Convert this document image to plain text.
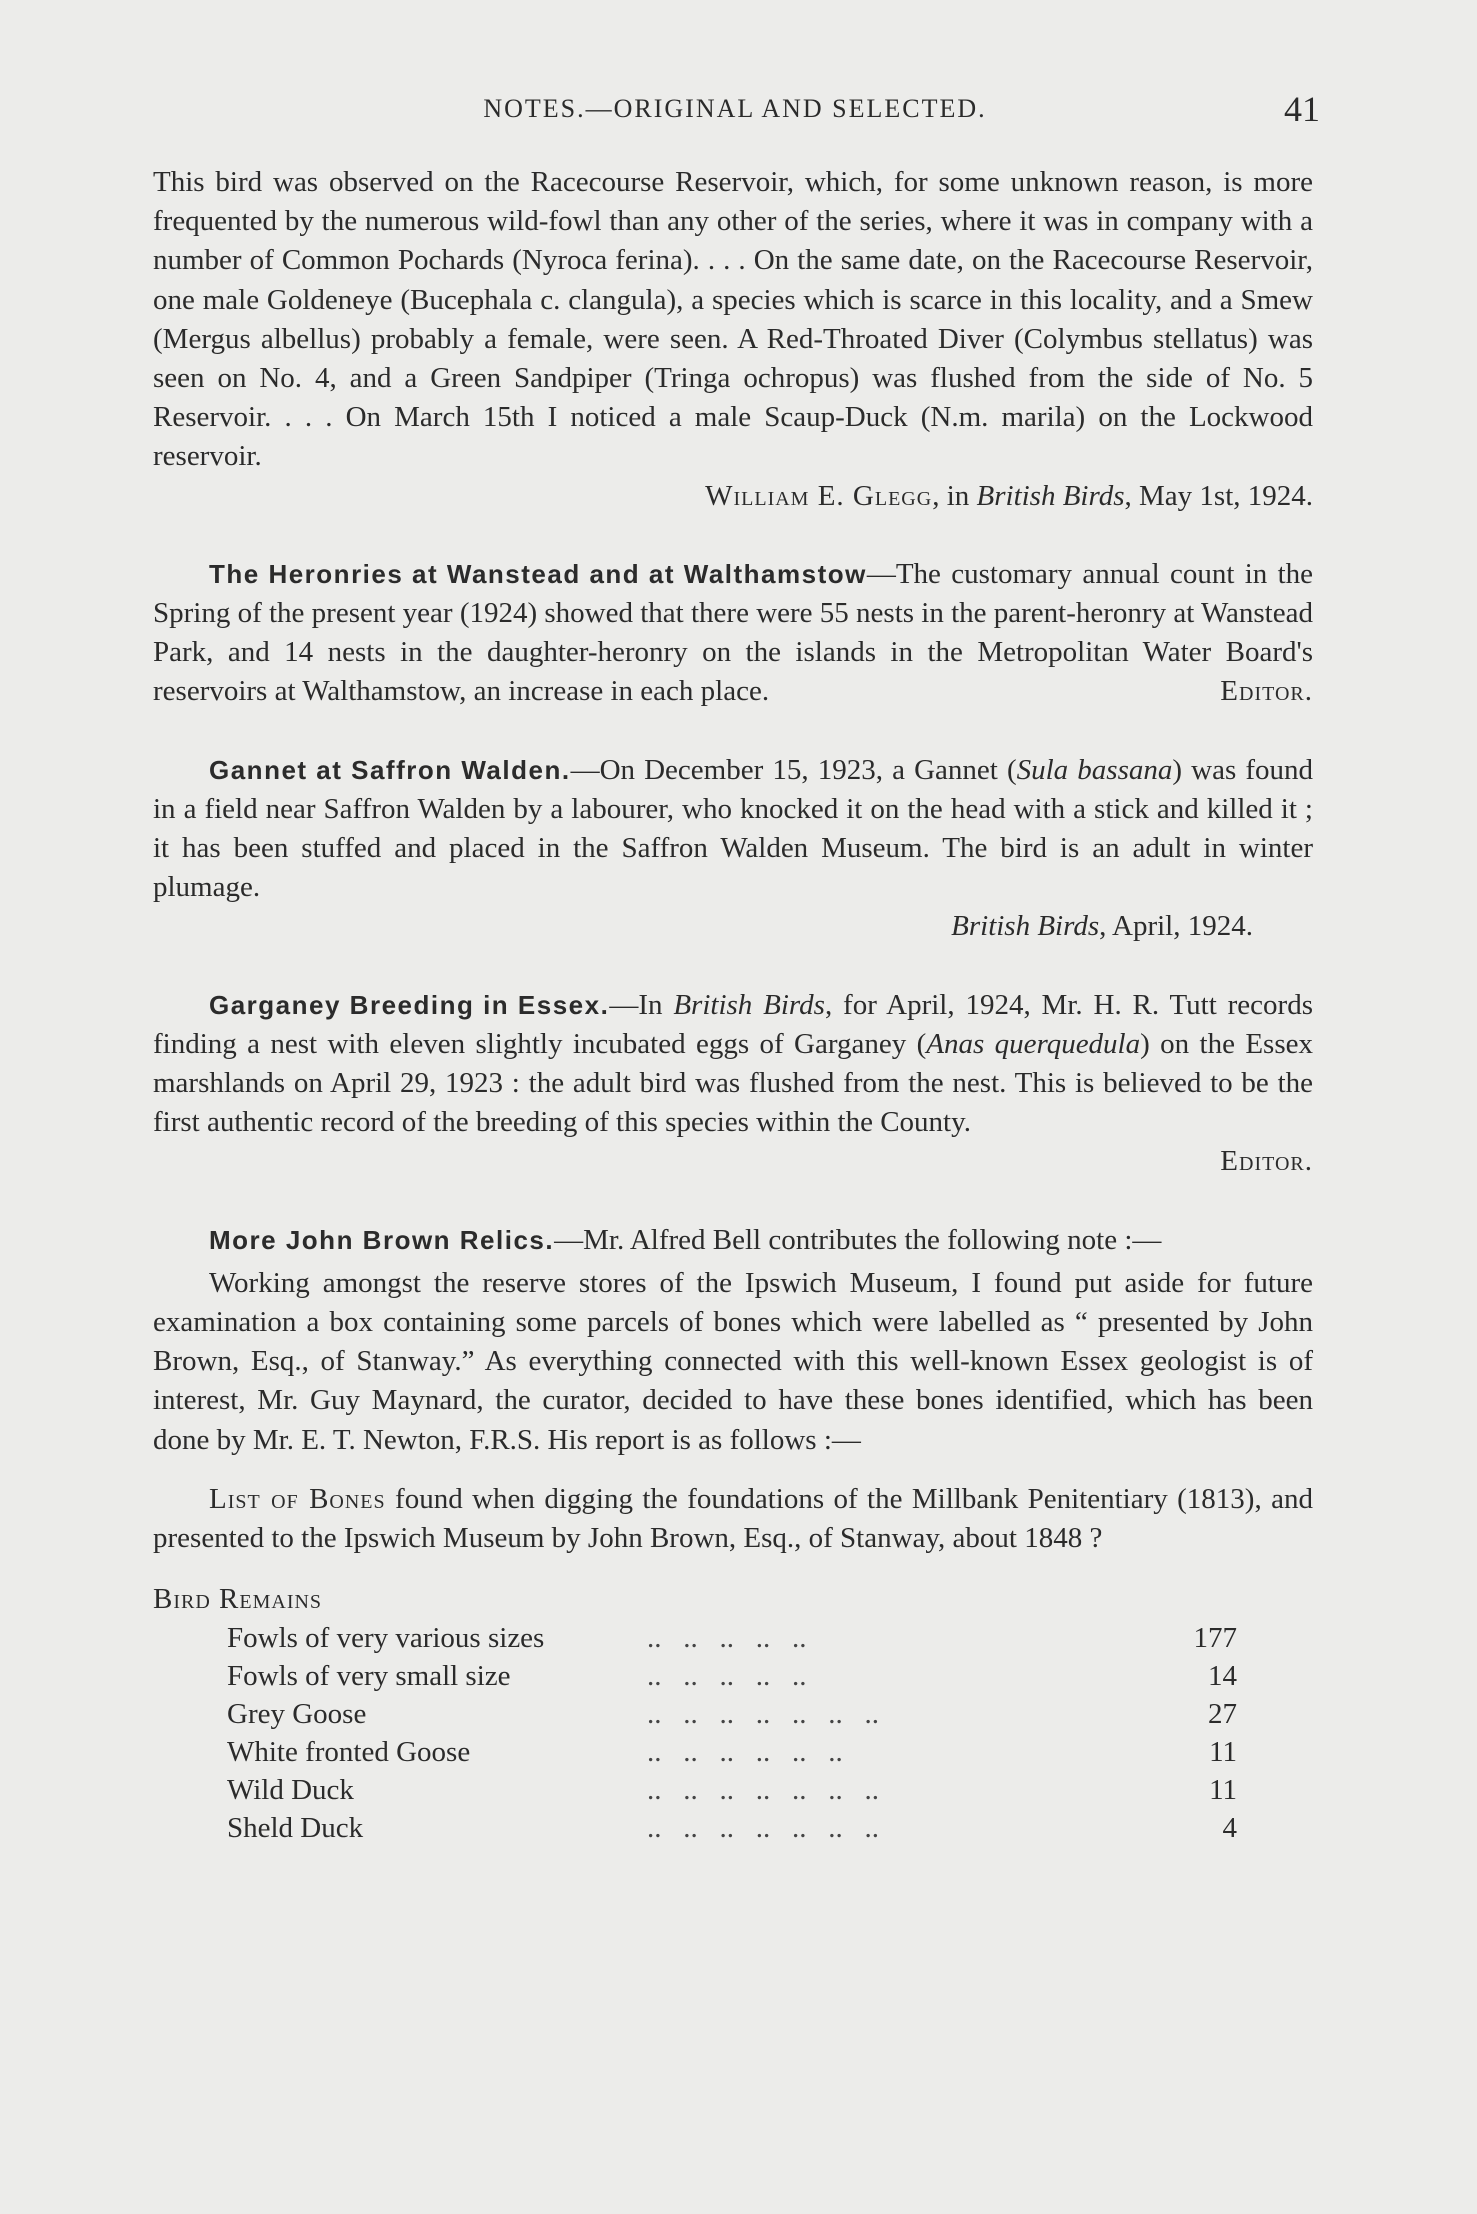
NOTES.—ORIGINAL AND SELECTED.	41

This bird was observed on the Racecourse Reservoir, which, for some unknown reason, is more frequented by the numerous wild-fowl than any other of the series, where it was in company with a number of Common Pochards (Nyroca ferina). . . . On the same date, on the Racecourse Reservoir, one male Goldeneye (Bucephala c. clangula), a species which is scarce in this locality, and a Smew (Mergus albellus) probably a female, were seen. A Red-Throated Diver (Colymbus stellatus) was seen on No. 4, and a Green Sandpiper (Tringa ochropus) was flushed from the side of No. 5 Reservoir. . . . On March 15th I noticed a male Scaup-Duck (N.m. marila) on the Lockwood reservoir.

William E. Glegg, in British Birds, May 1st, 1924.

The Heronries at Wanstead and at Walthamstow—The customary annual count in the Spring of the present year (1924) showed that there were 55 nests in the parent-heronry at Wanstead Park, and 14 nests in the daughter-heronry on the islands in the Metropolitan Water Board's reservoirs at Walthamstow, an increase in each place.	Editor.

Gannet at Saffron Walden.—On December 15, 1923, a Gannet (Sula bassana) was found in a field near Saffron Walden by a labourer, who knocked it on the head with a stick and killed it ; it has been stuffed and placed in the Saffron Walden Museum. The bird is an adult in winter plumage.

British Birds, April, 1924.

Garganey Breeding in Essex.—In British Birds, for April, 1924, Mr. H. R. Tutt records finding a nest with eleven slightly incubated eggs of Garganey (Anas querquedula) on the Essex marshlands on April 29, 1923 : the adult bird was flushed from the nest. This is believed to be the first authentic record of the breeding of this species within the County.

Editor.

More John Brown Relics.—Mr. Alfred Bell contributes the following note :—

Working amongst the reserve stores of the Ipswich Museum, I found put aside for future examination a box containing some parcels of bones which were labelled as “ presented by John Brown, Esq., of Stanway.” As everything connected with this well-known Essex geologist is of interest, Mr. Guy Maynard, the curator, decided to have these bones identified, which has been done by Mr. E. T. Newton, F.R.S. His report is as follows :—

List of Bones found when digging the foundations of the Millbank Penitentiary (1813), and presented to the Ipswich Museum by John Brown, Esq., of Stanway, about 1848 ?

Bird Remains
Fowls of very various sizes	..   ..   ..   ..   ..	177
Fowls of very small size	..   ..   ..   ..   ..	14
Grey Goose	..   ..   ..   ..   ..   ..   ..	27
White fronted Goose	..   ..   ..   ..   ..   ..	11
Wild Duck	..   ..   ..   ..   ..   ..   ..	11
Sheld Duck	..   ..   ..   ..   ..   ..   ..	4
